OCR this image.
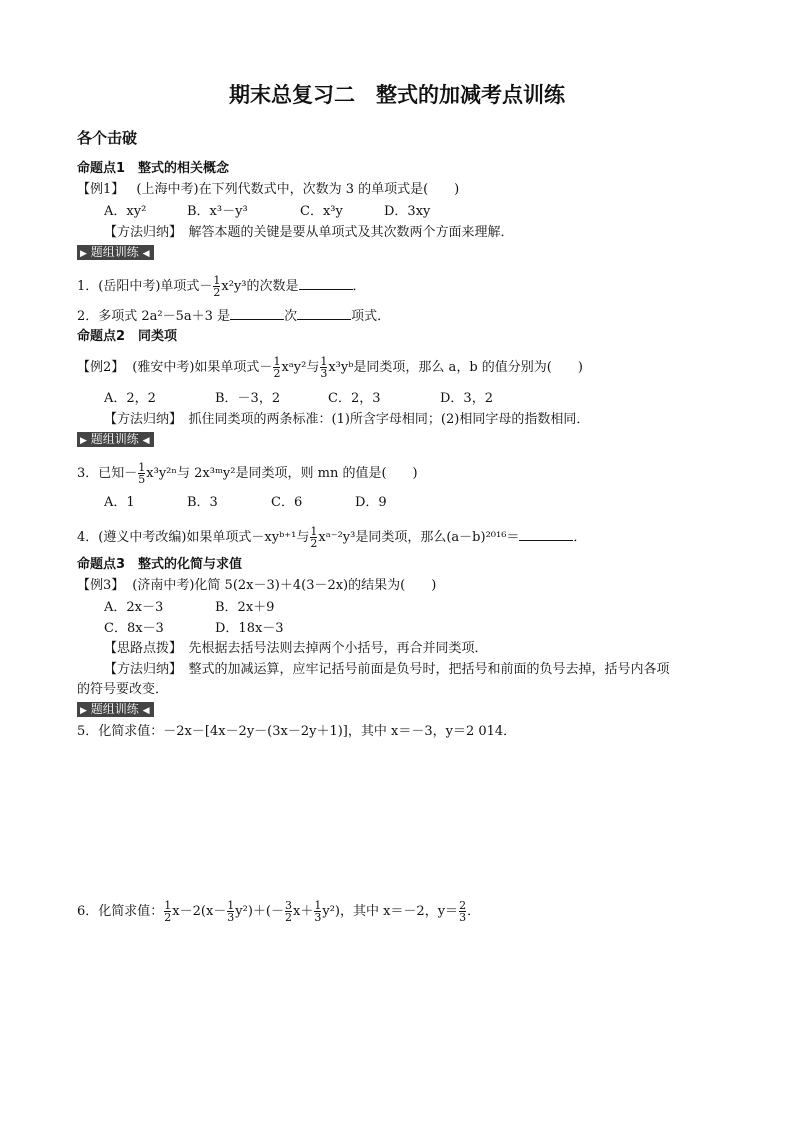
期末总复习二　整式的加减考点训练
各个击破
命题点1　整式的相关概念
【例1】 (上海中考)在下列代数式中，次数为 3 的单项式是(　　)
A．xy²	B．x³－y³	C．x³y	D．3xy
【方法归纳】　解答本题的关键是要从单项式及其次数两个方面来理解．
▶ 题组训练 ◀
1．(岳阳中考)单项式－ $\frac{1}{2} x^2y^3$的次数是	．
2．多项式 2a²－5a＋3 是	次	项式．
命题点2　同类项
【例2】 (雅安中考)如果单项式－ $\frac{1}{2}$ xᵃy²与 $\frac{1}{3}$ x³yᵇ是同类项，那么 a，b 的值分别为(　　)
A．2，2	B．－3，2	C．2，3	D．3，2
【方法归纳】　抓住同类项的两条标准：(1)所含字母相同；(2)相同字母的指数相同．
▶ 题组训练 ◀
3．已知－ $\frac{1}{5} x^3y^{2n}$与 2x³ᵐy²是同类项，则 mn 的值是(　　)
A．1	B．3	C．6	D．9
4．(遵义中考改编)如果单项式－xyᵇ⁺¹与 $\frac{1}{2}$ xᵃ⁻²y³是同类项，那么(a－b)²⁰¹⁶＝	．
命题点3　整式的化简与求值
【例3】 (济南中考)化简 5(2x－3)＋4(3－2x)的结果为(　　)
A．2x－3	B．2x＋9
C．8x－3	D．18x－3
【思路点拨】　先根据去括号法则去掉两个小括号，再合并同类项．
【方法归纳】　整式的加减运算，应牢记括号前面是负号时，把括号和前面的负号去掉，括号内各项
的符号要改变．
▶ 题组训练 ◀
5．化简求值：－2x－[4x－2y－(3x－2y＋1)]，其中 x＝－3，y＝2 014．
6．化简求值： $\frac{1}{2} x-2(x- \frac{1}{3} y^2)+(- \frac{3}{2} x+ \frac{1}{3} y^2)$，其中 x＝－2，$y= \frac{2}{3}$ ．
